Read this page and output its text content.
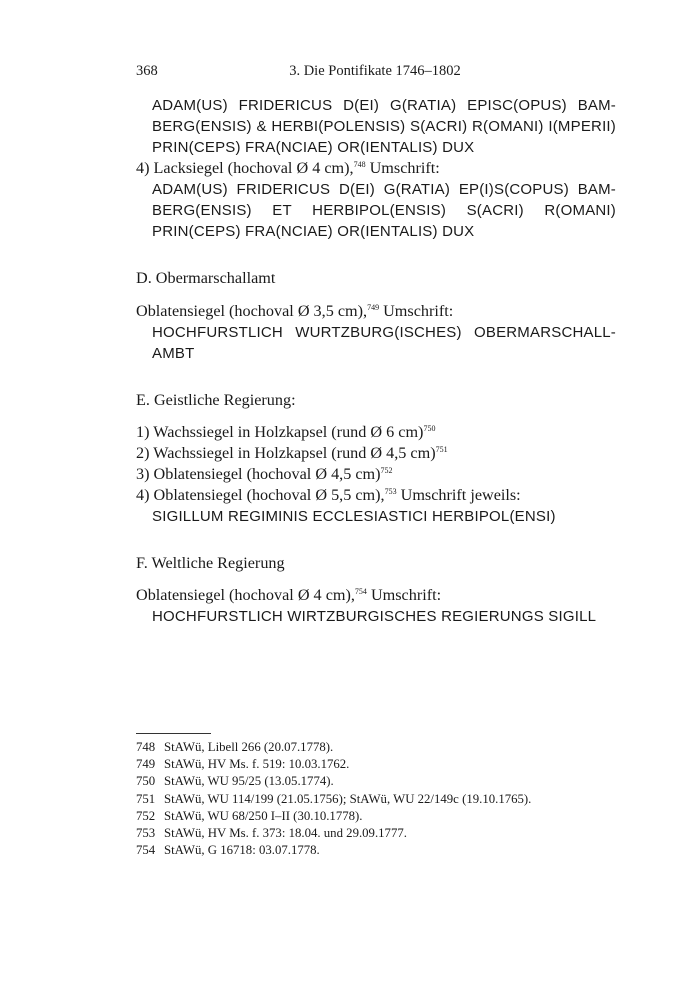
368	3. Die Pontifikate 1746–1802
ADAM(US) FRIDERICUS D(EI) G(RATIA) EPISC(OPUS) BAM-
BERG(ENSIS) & HERBI(POLENSIS) S(ACRI) R(OMANI) I(MPERII)
PRIN(CEPS) FRA(NCIAE) OR(IENTALIS) DUX
4) Lacksiegel (hochoval Ø 4 cm),$^{748}$ Umschrift:
ADAM(US) FRIDERICUS D(EI) G(RATIA) EP(I)S(COPUS) BAM-
BERG(ENSIS) ET HERBIPOL(ENSIS) S(ACRI) R(OMANI)
PRIN(CEPS) FRA(NCIAE) OR(IENTALIS) DUX
D. Obermarschallamt
Oblatensiegel (hochoval Ø 3,5 cm),$^{749}$ Umschrift:
HOCHFURSTLICH WURTZBURG(ISCHES) OBERMARSCHALL-
AMBT
E. Geistliche Regierung:
1) Wachssiegel in Holzkapsel (rund Ø 6 cm)$^{750}$
2) Wachssiegel in Holzkapsel (rund Ø 4,5 cm)$^{751}$
3) Oblatensiegel (hochoval Ø 4,5 cm)$^{752}$
4) Oblatensiegel (hochoval Ø 5,5 cm),$^{753}$ Umschrift jeweils:
SIGILLUM REGIMINIS ECCLESIASTICI HERBIPOL(ENSI)
F. Weltliche Regierung
Oblatensiegel (hochoval Ø 4 cm),$^{754}$ Umschrift:
HOCHFURSTLICH WIRTZBURGISCHES REGIERUNGS SIGILL
748 StAWü, Libell 266 (20.07.1778).
749 StAWü, HV Ms. f. 519: 10.03.1762.
750 StAWü, WU 95/25 (13.05.1774).
751 StAWü, WU 114/199 (21.05.1756); StAWü, WU 22/149c (19.10.1765).
752 StAWü, WU 68/250 I–II (30.10.1778).
753 StAWü, HV Ms. f. 373: 18.04. und 29.09.1777.
754 StAWü, G 16718: 03.07.1778.
